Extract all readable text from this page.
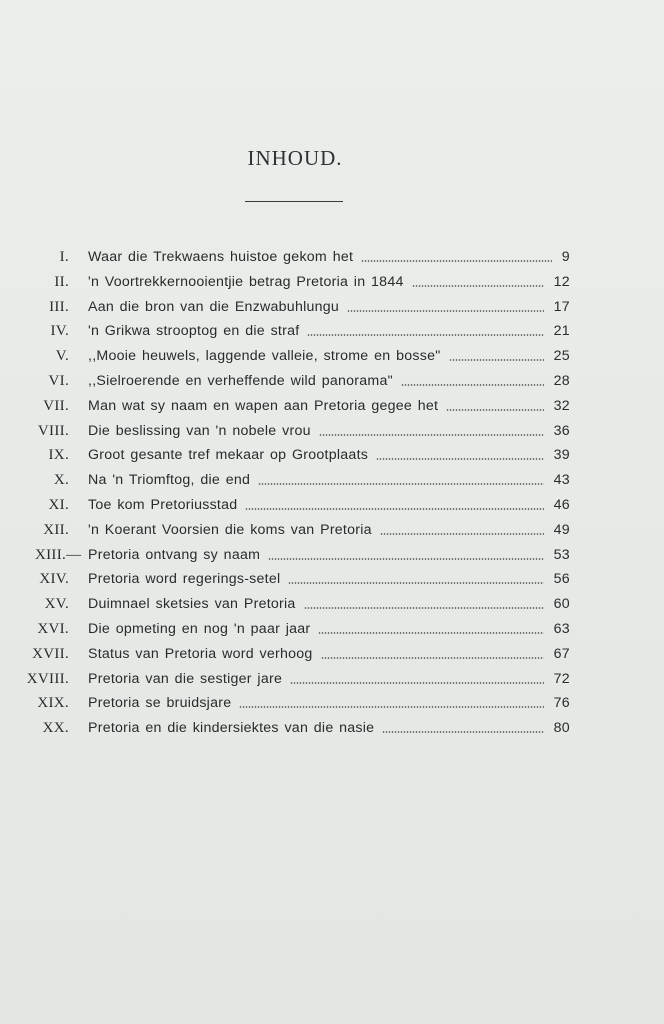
INHOUD.
I. Waar die Trekwaens huistoe gekom het	9
II. 'n Voortrekkernooientjie betrag Pretoria in 1844	12
III. Aan die bron van die Enzwabuhlungu	17
IV. 'n Grikwa strooptog en die straf	21
V. ,,Mooie heuwels, laggende valleie, strome en bosse"	25
VI. ,,Sielroerende en verheffende wild panorama"	28
VII. Man wat sy naam en wapen aan Pretoria gegee het	32
VIII. Die beslissing van 'n nobele vrou	36
IX. Groot gesante tref mekaar op Grootplaats	39
X. Na 'n Triomftog, die end	43
XI. Toe kom Pretoriusstad	46
XII. 'n Koerant Voorsien die koms van Pretoria	49
XIII.— Pretoria ontvang sy naam	53
XIV. Pretoria word regerings-setel	56
XV. Duimnael sketsies van Pretoria	60
XVI. Die opmeting en nog 'n paar jaar	63
XVII. Status van Pretoria word verhoog	67
XVIII. Pretoria van die sestiger jare	72
XIX. Pretoria se bruidsjare	76
XX. Pretoria en die kindersiektes van die nasie	80
